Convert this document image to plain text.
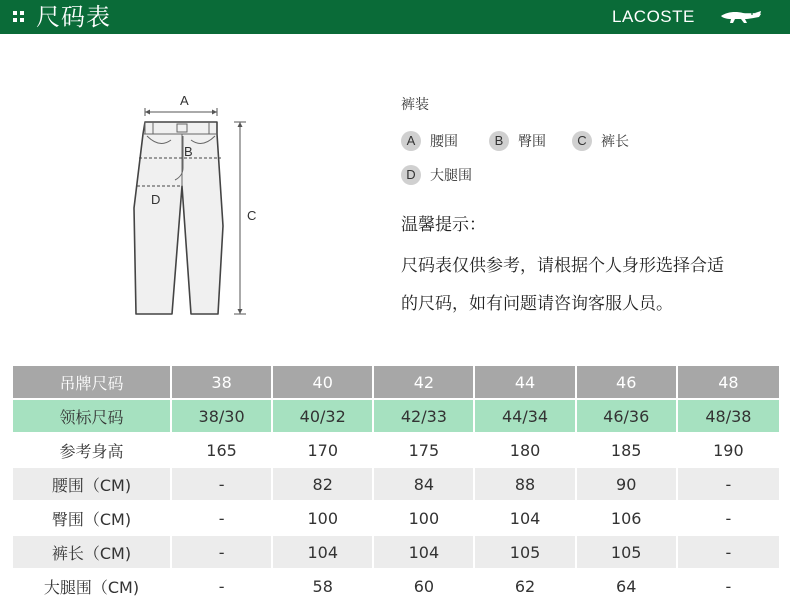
尺码表	LACOSTE
A
B
D
C
裤装
A 腰围	B 臀围	C 裤长
D 大腿围
温馨提示：
尺码表仅供参考，请根据个人身形选择合适
的尺码，如有问题请咨询客服人员。
吊牌尺码	38	40	42	44	46	48
领标尺码	38/30	40/32	42/33	44/34	46/36	48/38
参考身高	165	170	175	180	185	190
腰围（CM)	-	82	84	88	90	-
臀围（CM)	-	100	100	104	106	-
裤长（CM)	-	104	104	105	105	-
大腿围（CM)	-	58	60	62	64	-
